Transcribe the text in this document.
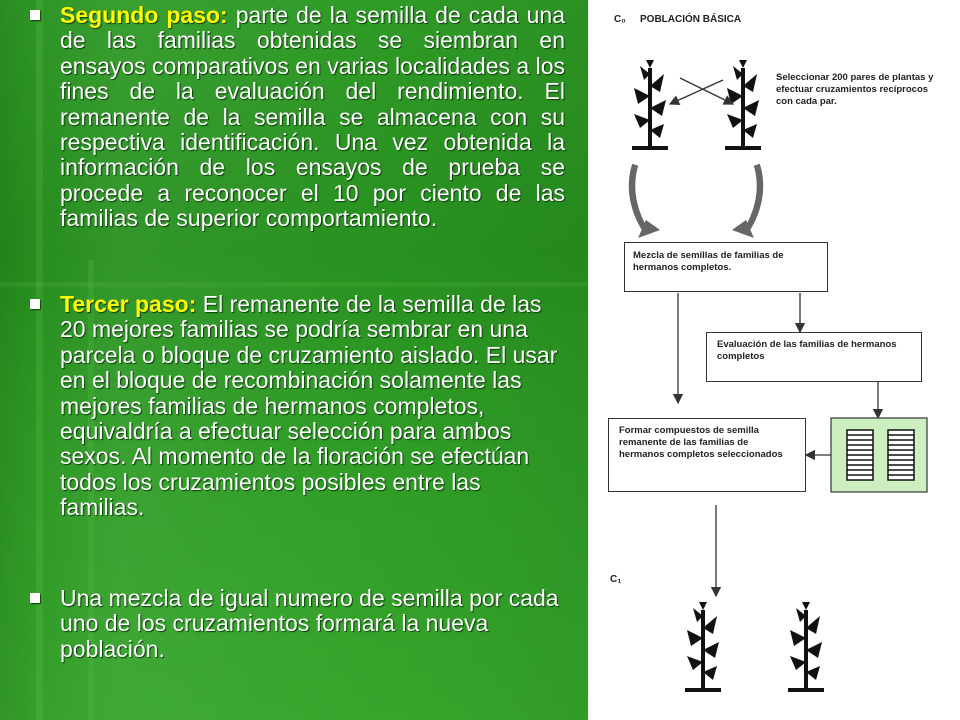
Segundo paso: parte de la semilla de cada una de las familias obtenidas se siembran en ensayos comparativos en varias localidades a los fines de la evaluación del rendimiento. El remanente de la semilla se almacena con su respectiva identificación. Una vez obtenida la información de los ensayos de prueba se procede a reconocer el 10 por ciento de las familias de superior comportamiento.
Tercer paso: El remanente de la semilla de las 20 mejores familias se podría sembrar en una parcela o bloque de cruzamiento aislado. El usar en el bloque de recombinación solamente las mejores familias de hermanos completos, equivaldría a efectuar selección para ambos sexos. Al momento de la floración se efectúan todos los cruzamientos posibles entre las familias.
Una mezcla de igual numero de semilla por cada uno de los cruzamientos formará la nueva población.
C₀ POBLACIÓN BÁSICA
Seleccionar 200 pares de plantas y efectuar cruzamientos recíprocos con cada par.
Mezcla de semillas de familias de hermanos completos.
Evaluación de las familias de hermanos completos
Formar compuestos de semilla remanente de las familias de hermanos completos seleccionados
C₁
